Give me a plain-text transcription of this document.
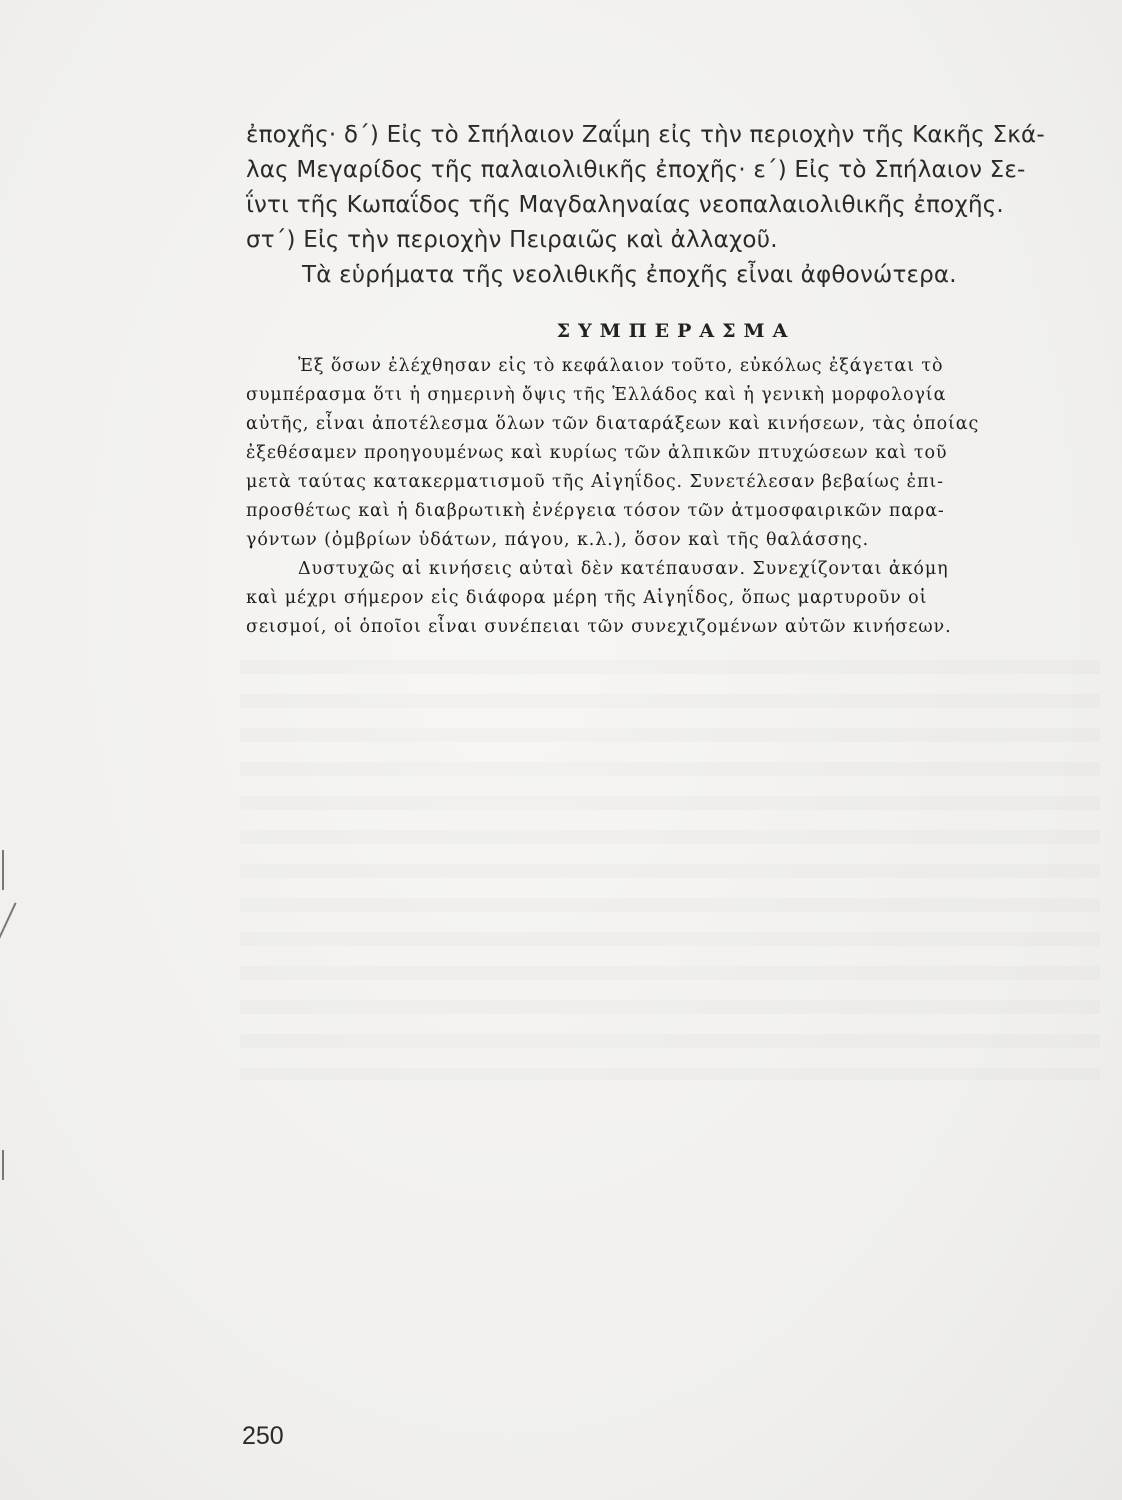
ἐποχῆς· δ΄) Εἰς τὸ Σπήλαιον Ζαΐμη εἰς τὴν περιοχὴν τῆς Κακῆς Σκά-
λας Μεγαρίδος τῆς παλαιολιθικῆς ἐποχῆς· ε΄) Εἰς τὸ Σπήλαιον Σε-
ΐντι τῆς Κωπαΐδος τῆς Μαγδαληναίας νεοπαλαιολιθικῆς ἐποχῆς.
στ΄) Εἰς τὴν περιοχὴν Πειραιῶς καὶ ἀλλαχοῦ.
Τὰ εὑρήματα τῆς νεολιθικῆς ἐποχῆς εἶναι ἀφθονώτερα.
ΣΥΜΠΕΡΑΣΜΑ
Ἐξ ὅσων ἐλέχθησαν εἰς τὸ κεφάλαιον τοῦτο, εὐκόλως ἐξάγεται τὸ
συμπέρασμα ὅτι ἡ σημερινὴ ὄψις τῆς Ἑλλάδος καὶ ἡ γενικὴ μορφολογία
αὐτῆς, εἶναι ἀποτέλεσμα ὅλων τῶν διαταράξεων καὶ κινήσεων, τὰς ὁποίας
ἐξεθέσαμεν προηγουμένως καὶ κυρίως τῶν ἀλπικῶν πτυχώσεων καὶ τοῦ
μετὰ ταύτας κατακερματισμοῦ τῆς Αἰγηΐδος. Συνετέλεσαν βεβαίως ἐπι-
προσθέτως καὶ ἡ διαβρωτικὴ ἐνέργεια τόσον τῶν ἀτμοσφαιρικῶν παρα-
γόντων (ὀμβρίων ὑδάτων, πάγου, κ.λ.), ὅσον καὶ τῆς θαλάσσης.
Δυστυχῶς αἱ κινήσεις αὐταὶ δὲν κατέπαυσαν. Συνεχίζονται ἀκόμη
καὶ μέχρι σήμερον εἰς διάφορα μέρη τῆς Αἰγηΐδος, ὅπως μαρτυροῦν οἱ
σεισμοί, οἱ ὁποῖοι εἶναι συνέπειαι τῶν συνεχιζομένων αὐτῶν κινήσεων.
250
